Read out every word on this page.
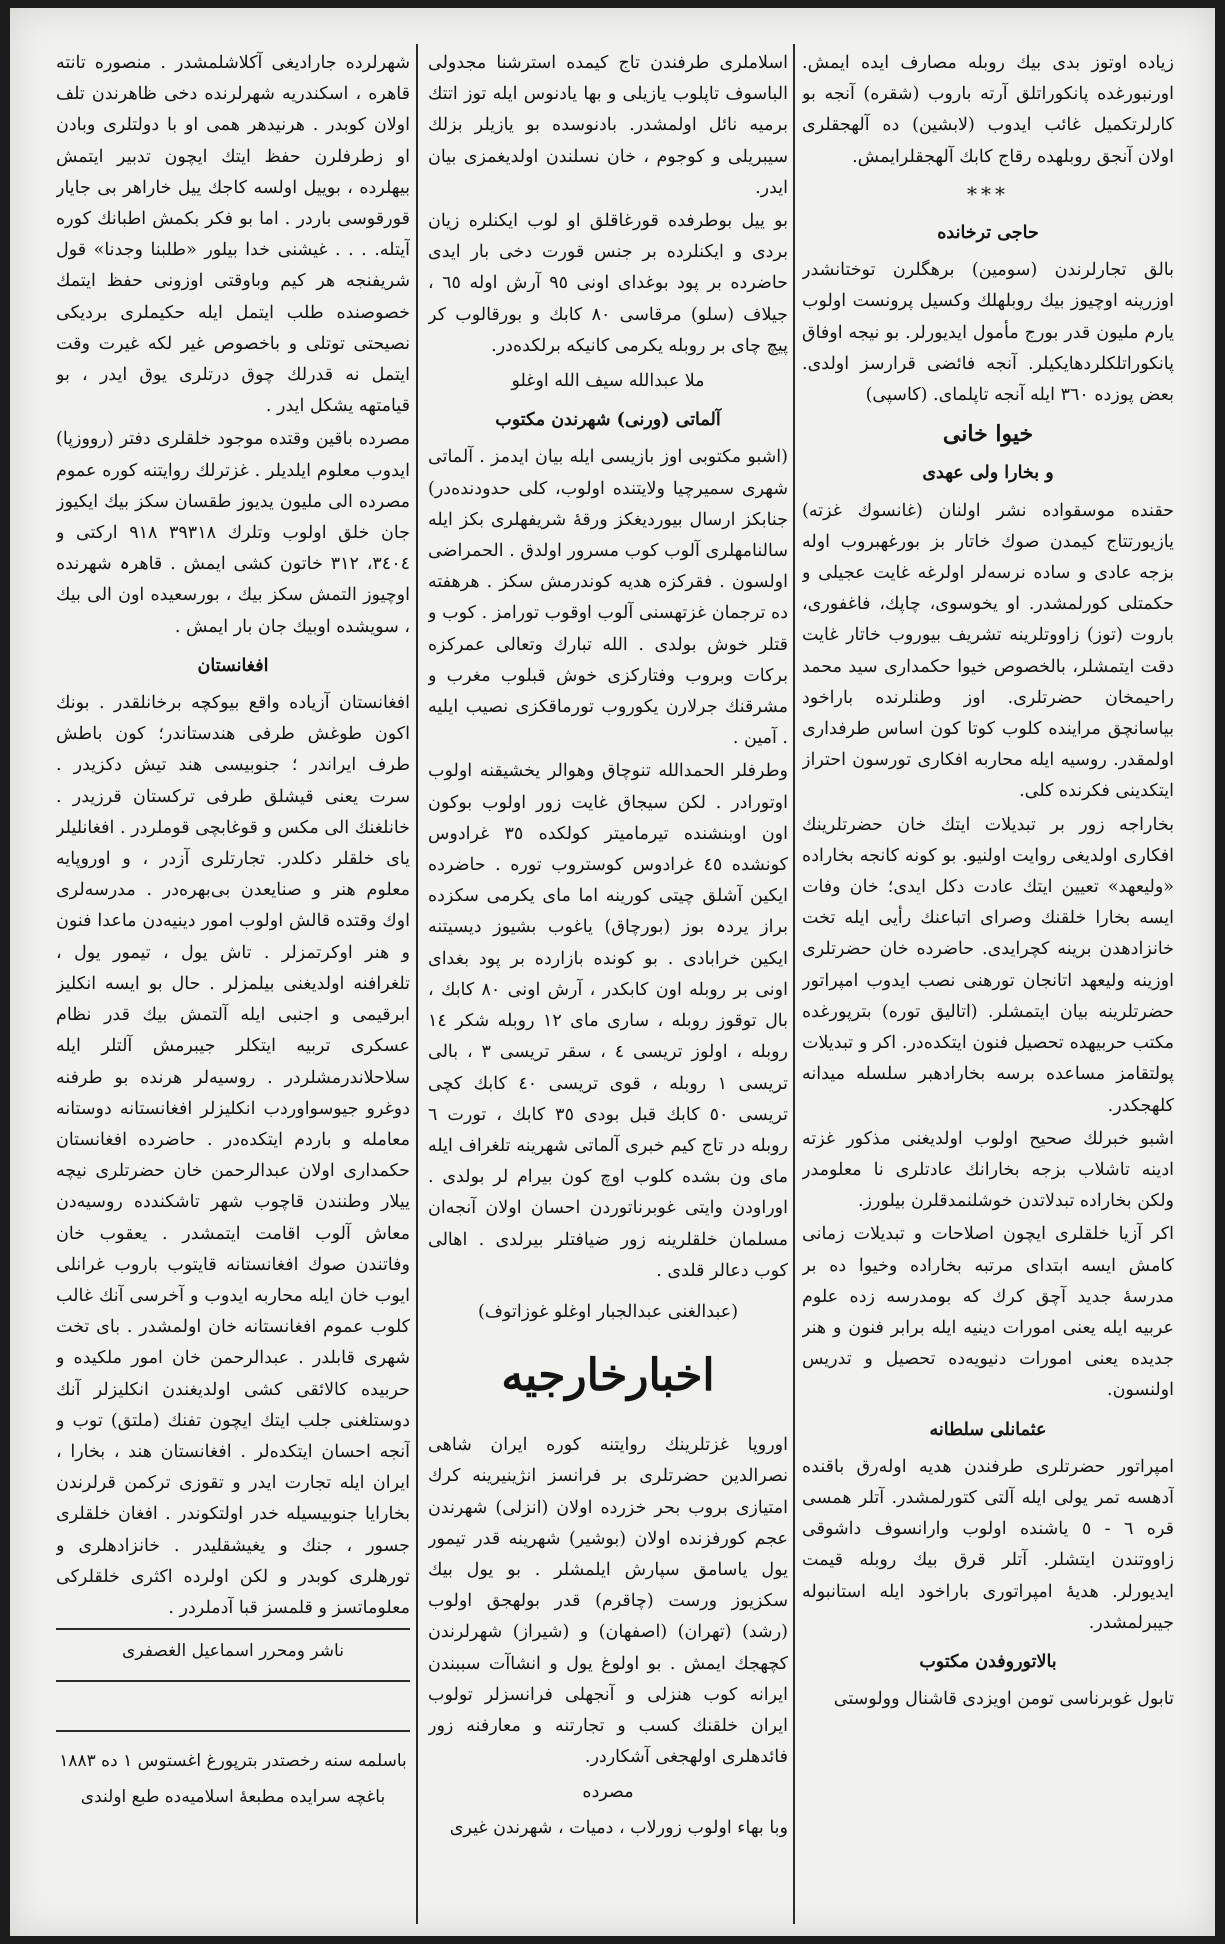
زیاده اوتوز بدی بیك روبله مصارف ایده ایمش. اورنبورغده پانکوراتلق آرته باروب (شقره) آنجه بو کارلرتکمیل غائب ایدوب (لابشین) ده آلهجقلری اولان آنجق روبلهده رقاج کابك آلهجقلرایمش.
***
حاجی ترخانده
بالق تجارلرندن (سومین) برهگلرن توختانشدر اوزرینه اوچیوز بیك روبلهلك وکسیل پرونست اولوب یارم ملیون قدر بورج مأمول ایدیورلر. بو نیجه اوفاق پانکوراتلکلردهایکیلر. آنجه فائضی قرارسز اولدی. بعض پوزده ٣٦٠ ایله آنجه تاپلمای. (کاسپی)
خیوا خانی
و بخارا ولی عهدی
حقنده موسقواده نشر اولنان (غانسوك غزته) یازیورتتاج کیمدن صوك خاتار بز بورغهبروب اوله بزجه عادی و ساده نرسه‌لر اولرغه غایت عجیلی و حکمتلی کورلمشدر. او یخوسوی، چاپك، فاغفورى، باروت (توز) زاووتلرینه تشریف بیوروب خاتار غایت دقت ایتمشلر، بالخصوص خیوا حکمداری سید محمد راحیمخان حضرتلری. اوز وطنلرنده باراخود بیاسانچق مراینده کلوب کوتا کون اساس طرفداری اولمقدر. روسیه ایله محاربه افکاری تورسون احتراز ایتکدینی فکرنده کلی.
بخاراجه زور بر تبدیلات ایتك خان حضرتلرینك افکاری اولدیغی روایت اولنیو. بو کونه کانجه بخاراده «ولیعهد» تعیین ایتك عادت دکل ایدی؛ خان وفات ایسه بخارا خلقنك وصرای اتباعنك رأیی ایله تخت خانزادهدن برینه کچرایدی. حاضرده خان حضرتلری اوزینه ولیعهد اتانجان تورهنی نصب ایدوب امپراتور حضرتلرینه بیان ایتمشلر. (اتالیق توره) بترپورغده مکتب حربیهده تحصیل فنون ایتکده‌در. اکر و تبدیلات پولتقامز مساعده برسه بخارادهبر سلسله میدانه کلهجکدر.
اشبو خبرلك صحیح اولوب اولدیغنی مذکور غزته ادینه تاشلاب بزجه بخارانك عادتلری نا معلومدر ولکن بخاراده تبدلاتدن خوشلنمدقلرن بیلورز.
اکر آزیا خلقلری ایچون اصلاحات و تبدیلات زمانی کامش ایسه ابتدای مرتبه بخاراده وخیوا ده بر مدرسهٔ جدید آچق کرك که بومدرسه زده علوم عربیه ایله یعنی امورات دینیه ایله برابر فنون و هنر جدیده یعنی امورات دنیویه‌ده تحصیل و تدریس اولنسون.
عثمانلی سلطانه
امپراتور حضرتلری طرفندن هدیه اوله‌رق باقنده آدهسه تمر یولی ایله آلتی کتورلمشدر. آتلر همسی قره ٦ - ٥ یاشنده اولوب وارانسوف داشوقی زاووتندن ایتشلر. آتلر قرق بیك روبله قیمت ایدیورلر. هدیهٔ امپراتوری باراخود ایله استانبوله جیبرلمشدر.
بالاتوروفدن مکتوب
تابول غوبرناسی تومن اویزدی قاشنال وولوستی
اسلاملری طرفندن تاج کیمده استرشنا مجدولی الباسوف تاپلوب یازیلی و بها یادنوس ایله توز اتتك برمیه نائل اولمشدر. بادنوسده بو یازیلر بزلك سیبریلی و کوجوم ، خان نسلندن اولدیغمزی بیان ایدر.
بو ییل بوطرفده قورغاقلق او لوب ایکنلره زیان بردی و ایکنلرده بر جنس قورت دخی بار ایدی حاضرده بر پود بوغدای اونی ٩٥ آرش اوله ٦٥ ، جیلاف (سلو) مرقاسی ٨٠ کابك و بورقالوب کر پیچ چای بر روبله یکرمی کانیکه برلکده‌در.
ملا عبدالله سیف الله اوغلو
آلماتی (ورنی) شهرندن مکتوب
(اشبو مکتوبی اوز بازیسی ایله بیان ایدمز . آلماتی شهری سمیرچیا ولایتنده اولوب، کلی حدودنده‌در) جنابکز ارسال بیوردیغکز ورقهٔ شریفهلری بکز ایله سالنامهلری آلوب کوب مسرور اولدق . الحمراضی اولسون . فقرکزه هدیه کوندرمش سکز . هرهفته ده ترجمان غزتهسنی آلوب اوقوب تورامز . کوب و قتلر خوش بولدی . الله تبارك وتعالی عمرکزه برکات وبروب وفتارکزی خوش قبلوب مغرب و مشرقنك جرلارن یکوروب تورماقکزی نصیب ایلیه . آمین .
وطرفلر الحمدالله تنوچاق وهوالر یخشیقنه اولوب اوتورادر . لکن سیجاق غایت زور اولوب بوکون اون اوبنشنده تیرمامیتر کولکده ٣٥ غرادوس کونشده ٤٥ غرادوس کوستروب توره . حاضرده ایکین آشلق چیتی کورینه اما مای یکرمی سکزده براز یردہ بوز (بورچاق) یاغوب بشیوز دیسیتنه ایکین خرابادی . بو کونده بازارده بر پود بغدای اونی بر روبله اون کابکدر ، آرش اونی ٨٠ کابك ، بال توقوز روبله ، ساری مای ١٢ روبله شکر ١٤ روبله ، اولوز تریسی ٤ ، سقر تریسی ٣ ، بالی تریسی ١ روبله ، قوی تریسی ٤٠ کابك کچی تریسی ٥٠ کابك قبل بودی ٣٥ کابك ، تورت ٦ روبله در تاج کیم خبری آلماتی شهرینه تلغراف ایله مای ون بشده کلوب اوچ کون بیرام لر بولدی . اوراودن وایتی غوبرناتوردن احسان اولان آنجه‌ان مسلمان خلقلرینه زور ضیافتلر بیرلدی . اهالی کوب دعالر قلدی .
(عبدالغنی عبدالجبار اوغلو غوزاتوف)
اخبارخارجیه
اوروپا غزتلرینك روایتنه کوره ایران شاهی نصرالدین حضرتلری بر فرانسز انژینیرینه کرك امتیازی بروب بحر خزرده اولان (انزلی) شهرندن عجم کورفزنده اولان (بوشیر) شهرینه قدر تیمور یول یاسامق سپارش ایلمشلر . بو یول بیك سکزیوز ورست (چاقرم) قدر بولهجق اولوب (رشد) (تهران) (اصفهان) و (شیراز) شهرلرندن کچهجك ایمش . بو اولوغ یول و انشاآت سببندن ایرانه کوب هنزلی و آنجهلی فرانسزلر تولوب ایران خلقنك کسب و تجارتنه و معارفنه زور فائدهلری اولهجغی آشکاردر.
مصرده
وبا بهاء اولوب زورلاب ، دمیات ، شهرندن غیری
شهرلرده جارادیغی آکلاشلمشدر . منصوره تانته قاهره ، اسکندریه شهرلرنده دخی ظاهرندن تلف اولان کوبدر . هرنیدهر همی او با دولتلری وبادن او زطرفلرن حفظ ایتك ایچون تدبیر ایتمش بیهلرده ، بوییل اولسه کاجك ییل خاراهر بی جایار قورقوسی باردر . اما بو فکر بکمش اطبانك کوره آیتله. . . . غیشنی خدا بیلور «طلبنا وجدنا» قول شریفنجه هر کیم وباوقتی اوزونی حفظ ایتمك خصوصنده طلب ایتمل ایله حکیملری بردیکی نصیحتی توتلی و باخصوص غیر لکه غیرت وقت ایتمل نه قدرلك چوق درتلری یوق ایدر ، بو قیامتهه یشکل ایدر .
مصرده باقین وقتده موجود خلقلری دفتر (رووزپا) ایدوب معلوم ایلدیلر . غزترلك روایتنه کوره عموم مصرده الی ملیون یدیوز طقسان سکز بیك ایکیوز جان خلق اولوب وتلرك ٣٩٣١٨ ٩١٨ ارکتی و ٣٤٠٤، ٣١٢ خاتون کشی ایمش . قاهرہ شهرنده اوچیوز التمش سکز بیك ، بورسعیده اون الی بیك ، سویشده اوبیك جان بار ایمش .
افغانستان
افغانستان آزیاده واقع بیوکچه برخانلقدر . بونك اکون طوغش طرفی هندستاندر؛ کون باطش طرف ایراندر ؛ جنوبیسی هند تیش دکزیدر . سرت یعنی قیشلق طرفی ترکستان قرزیدر . خانلغنك الی مکس و قوغابچی قوملردر . افغانلیلر یای خلقلر دکلدر. تجارتلری آزدر ، و اوروپایه معلوم هنر و صنایعدن بی‌بهره‌در . مدرسه‌لری اوك وقتده قالش اولوب امور دینیه‌دن ماعدا فنون و هنر اوکرتمزلر . تاش یول ، تیمور یول ، تلغرافنه اولدیغنی بیلمزلر . حال بو ایسه انکلیز ابرقیمی و اجنبی ایله آلتمش بیك قدر نظام عسکری تربیه ایتکلر جیبرمش آلتلر ایله سلاحلاندرمشلردر . روسیه‌لر هرنده بو طرفنه دوغرو جیوسواوردب انکلیزلر افغانستانه دوستانه معامله و باردم ایتکده‌در . حاضرده افغانستان حکمداری اولان عبدالرحمن خان حضرتلری نیچه ییلار وطنندن قاچوب شهر تاشکندده روسیه‌دن معاش آلوب اقامت ایتمشدر . یعقوب خان وفاتندن صوك افغانستانه قایتوب باروب غرانلی ایوب خان ایله محاربه ایدوب و آخرسی آنك غالب کلوب عموم افغانستانه خان اولمشدر . بای تخت شهری قابلدر . عبدالرحمن خان امور ملکیده و حربیده کالائقی کشی اولدیغندن انکلیزلر آنك دوستلغنی جلب ایتك ایچون تفنك (ملتق) توب و آنجه احسان ایتکده‌لر . افغانستان هند ، بخارا ، ایران ایله تجارت ایدر و تقوزی ترکمن قرلرندن بخارایا جنوبیسیله خدر اولتکوندر . افغان خلقلری جسور ، جنك و یغیشقلیدر . خانزادهلری و تورهلری کوبدر و لکن اولرده اکثری خلقلرکی معلوماتسز و قلمسز قبا آدملردر .
ناشر ومحرر اسماعیل الغصفری
باسلمه سنه رخصتدر بترپورغ اغستوس ١ ده ١٨٨٣
باغچه سرایده مطبعهٔ اسلامیه‌ده طبع اولندی
